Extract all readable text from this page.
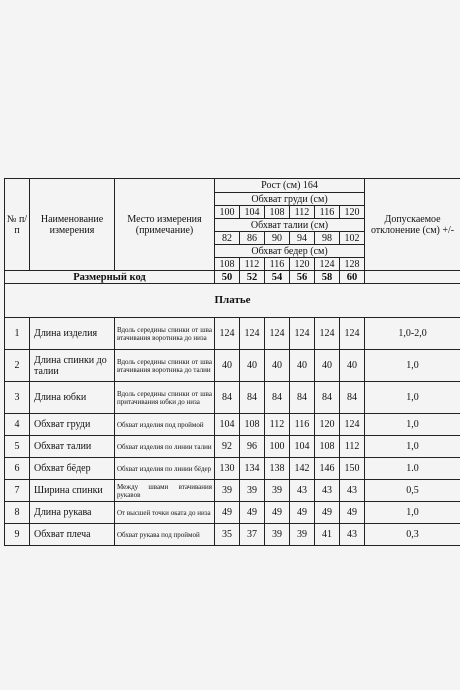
№ п/п	Наименование измерения	Место измерения (примечание)	Рост (см) 164						Допускаемое отклонение (см) +/-
			Обхват груди (см)						
			100	104	108	112	116	120	
			Обхват талии (см)						
			82	86	90	94	98	102	
			Обхват бедер (см)						
			108	112	116	120	124	128	
Размерный код			50	52	54	56	58	60	
Платье									
1	Длина изделия	Вдоль середины спинки от шва втачивания воротника до низа	124	124	124	124	124	124	1,0-2,0
2	Длина спинки до талии	Вдоль середины спинки от шва втачивания воротника до талии	40	40	40	40	40	40	1,0
3	Длина юбки	Вдоль середины спинки от шва притачивания юбки до низа	84	84	84	84	84	84	1,0
4	Обхват груди	Обхват изделия под проймой	104	108	112	116	120	124	1,0
5	Обхват талии	Обхват изделия по линии талии	92	96	100	104	108	112	1,0
6	Обхват бёдер	Обхват изделия по линии бёдер	130	134	138	142	146	150	1.0
7	Ширина спинки	Между швами втачивания рукавов	39	39	39	43	43	43	0,5
8	Длина рукава	От высшей точки оката до низа	49	49	49	49	49	49	1,0
9	Обхват плеча	Обхват рукава под проймой	35	37	39	39	41	43	0,3
